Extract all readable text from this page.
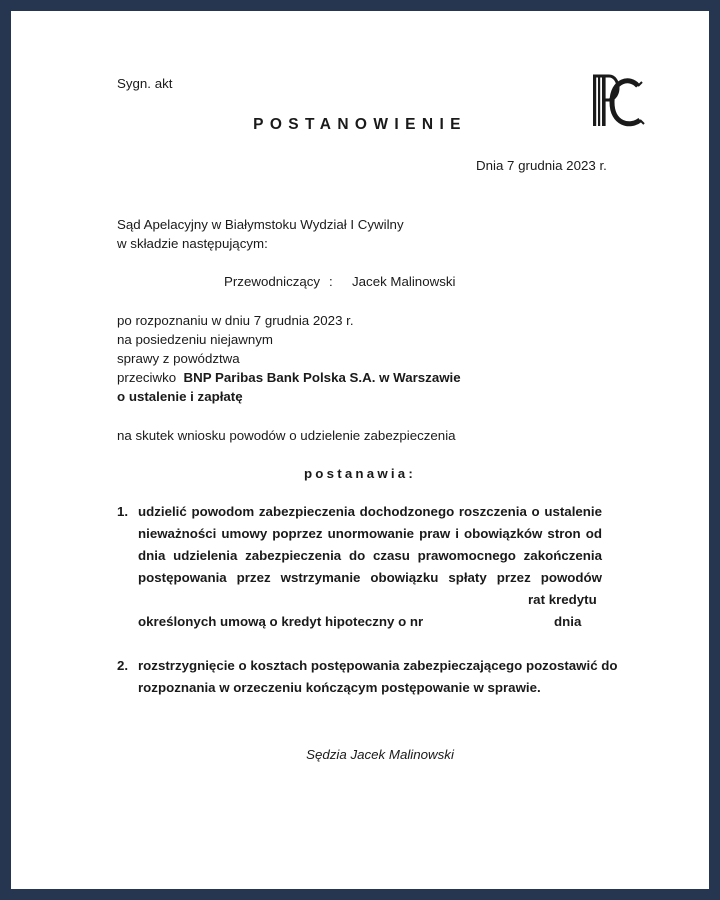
Sygn. akt
POSTANOWIENIE
Dnia 7 grudnia 2023 r.
Sąd Apelacyjny w Białymstoku Wydział I Cywilny
w składzie następującym:
Przewodniczący : Jacek Malinowski
po rozpoznaniu w dniu 7 grudnia 2023 r.
na posiedzeniu niejawnym
sprawy z powództwa
przeciwko BNP Paribas Bank Polska S.A. w Warszawie
o ustalenie i zapłatę
na skutek wniosku powodów o udzielenie zabezpieczenia
postanawia:
1. udzielić powodom zabezpieczenia dochodzonego roszczenia o ustalenie
nieważności umowy poprzez unormowanie praw i obowiązków stron od
dnia udzielenia zabezpieczenia do czasu prawomocnego zakończenia
postępowania przez wstrzymanie obowiązku spłaty przez powodów
rat kredytu
określonych umową o kredyt hipoteczny o nr	dnia
2. rozstrzygnięcie o kosztach postępowania zabezpieczającego pozostawić do
rozpoznania w orzeczeniu kończącym postępowanie w sprawie.
Sędzia Jacek Malinowski
